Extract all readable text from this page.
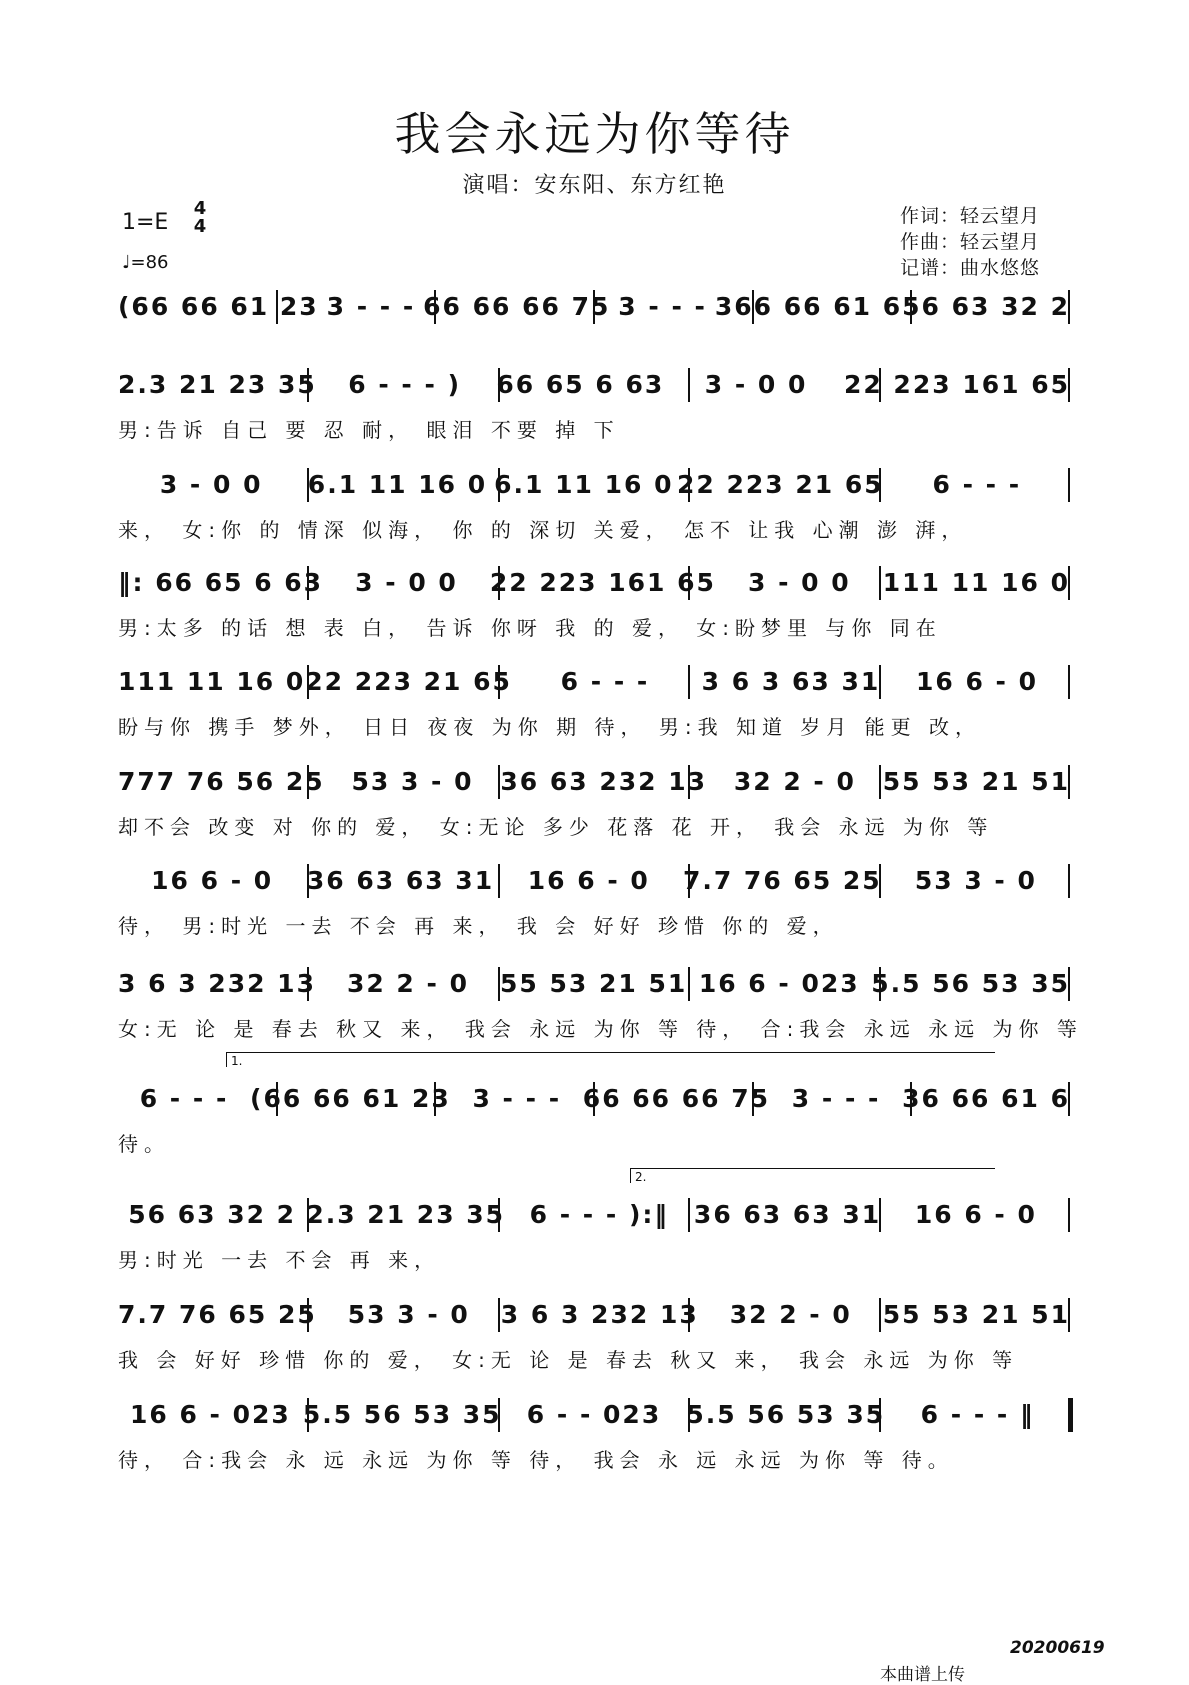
我会永远为你等待
演唱：安东阳、东方红艳
1=E
4
4
♩=86
作词：轻云望月
作曲：轻云望月
记谱：曲水悠悠
(66 66 61 23 3 - - - 66 66 66 75 3 - - - 366 66 61 6 56 63 32 2
2.3 21 23 35	6 - - - )	66 65 6 63	3 - 0 0	22 223 161 65
男:告诉 自己 要 忍 耐， 眼泪 不要 掉 下
3 - 0 0	6.1 11 16 0 6.1 11 16 0 22 223 21 65	6 - - -
来， 女:你 的 情深 似海， 你 的 深切 关爱， 怎不 让我 心潮 澎 湃，
‖: 66 65 6 63	3 - 0 0	22 223 161 65	3 - 0 0	111 11 16 0
男:太多 的话 想 表 白， 告诉 你呀 我 的 爱， 女:盼梦里 与你 同在
111 11 16 0 22 223 21 65	6 - - -	3 6 3 63 31	16 6 - 0
盼与你 携手 梦外， 日日 夜夜 为你 期 待， 男:我 知道 岁月 能更 改，
777 76 56 25	53 3 - 0	36 63 232 13	32 2 - 0	55 53 21 51
却不会 改变 对 你的 爱， 女:无论 多少 花落 花 开， 我会 永远 为你 等
16 6 - 0	36 63 63 31	16 6 - 0	7.7 76 65 25	53 3 - 0
待， 男:时光 一去 不会 再 来， 我 会 好好 珍惜 你的 爱，
3 6 3 232 13	32 2 - 0	55 53 21 51 16 6 - 023 5.5 56 53 35
女:无 论 是 春去 秋又 来， 我会 永远 为你 等 待， 合:我会 永远 永远 为你 等
6 - - - (66 66 61 23 3 - - - 66 66 66 75 3 - - - 36 66 61 6
待。
56 63 32 2 2.3 21 23 35 6 - - - ):‖	36 63 63 31	16 6 - 0
男:时光 一去 不会 再 来，
7.7 76 65 25	53 3 - 0	3 6 3 232 13	32 2 - 0	55 53 21 51
我 会 好好 珍惜 你的 爱， 女:无 论 是 春去 秋又 来， 我会 永远 为你 等
16 6 - 023 5.5 56 53 35	6 - - 023	5.5 56 53 35	6 - - - ‖
待， 合:我会 永 远 永远 为你 等 待， 我会 永 远 永远 为你 等 待。
1.
2.
20200619
本曲谱上传
